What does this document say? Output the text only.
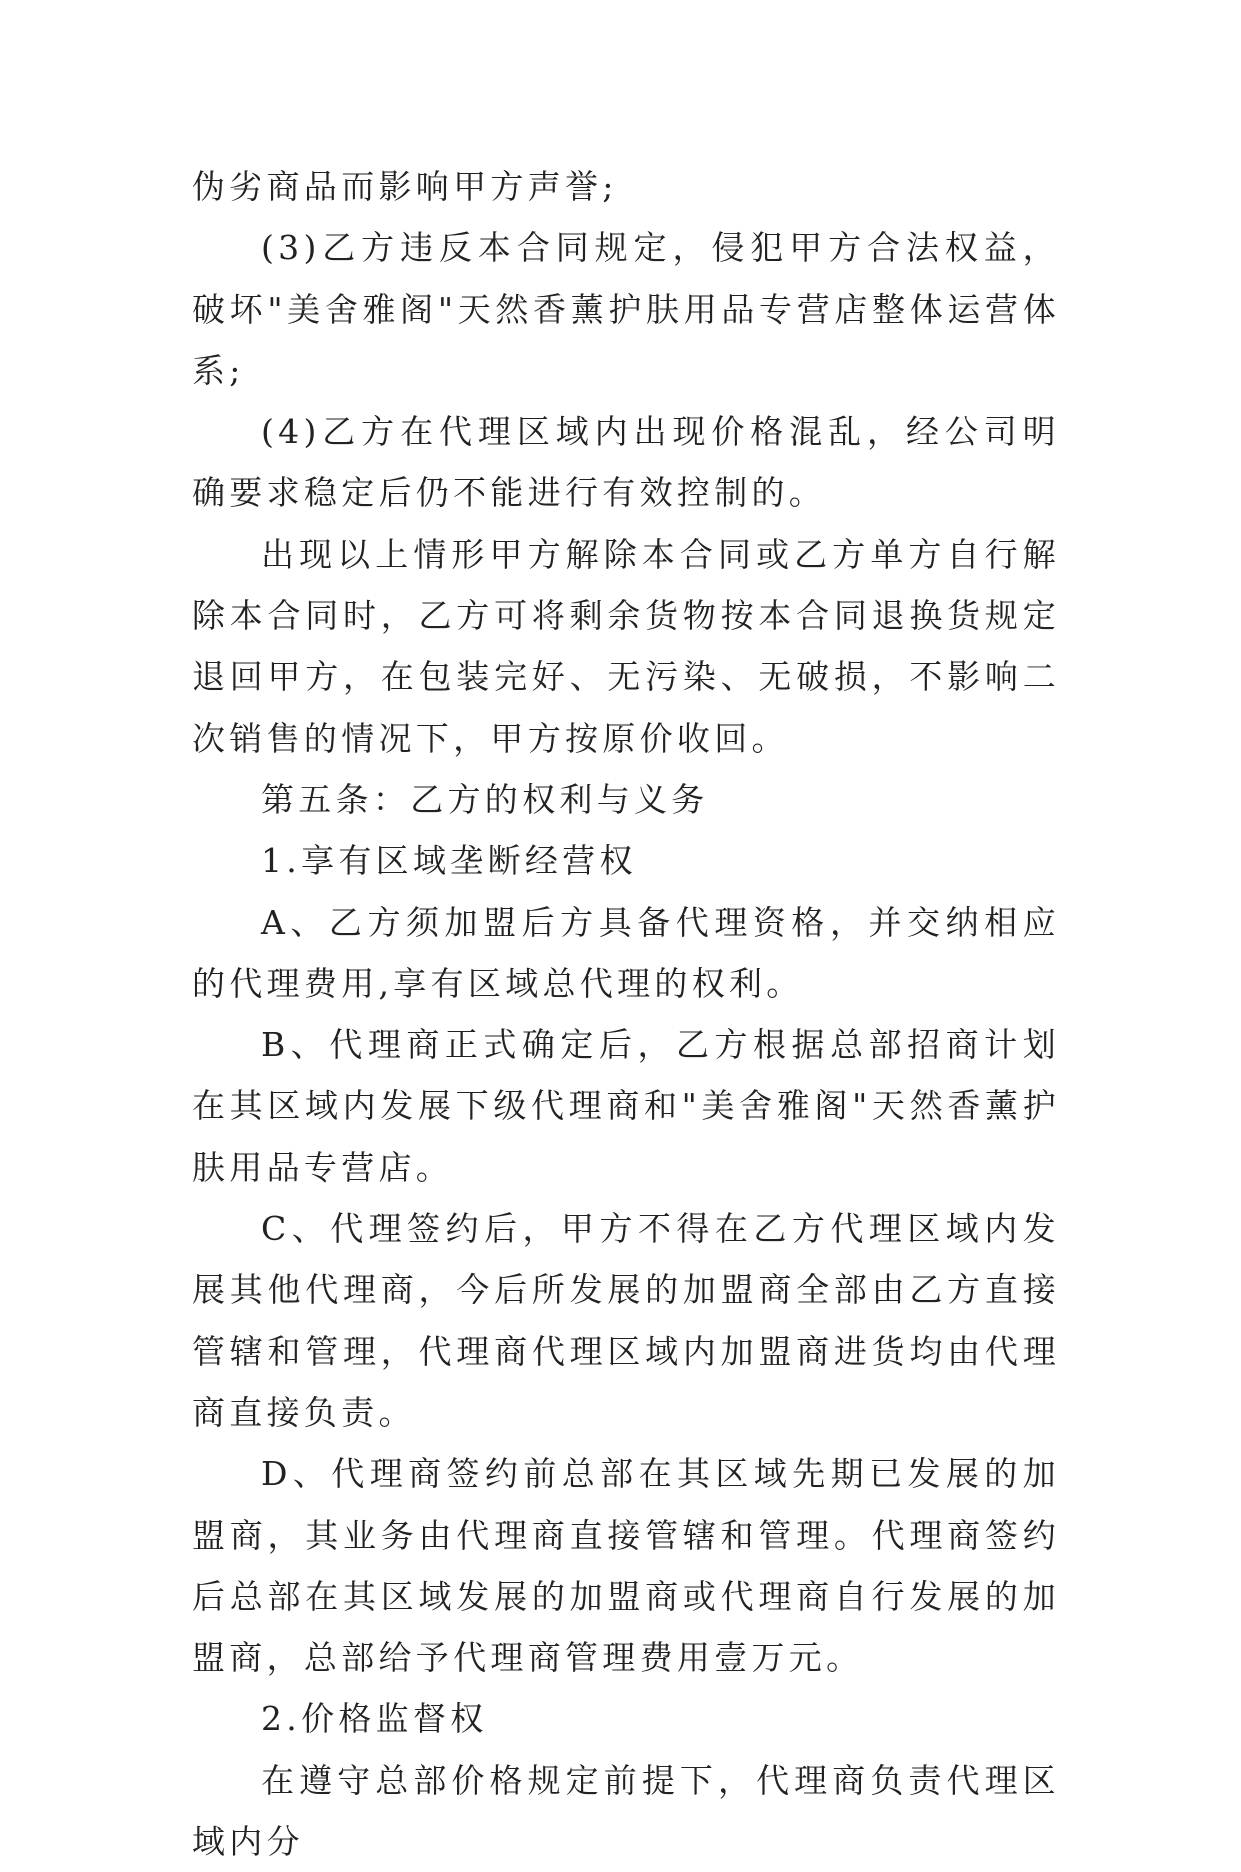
伪劣商品而影响甲方声誉;

(3)乙方违反本合同规定，侵犯甲方合法权益，破坏"美舍雅阁"天然香薰护肤用品专营店整体运营体系;

(4)乙方在代理区域内出现价格混乱，经公司明确要求稳定后仍不能进行有效控制的。

出现以上情形甲方解除本合同或乙方单方自行解除本合同时，乙方可将剩余货物按本合同退换货规定退回甲方，在包装完好、无污染、无破损，不影响二次销售的情况下，甲方按原价收回。

第五条：乙方的权利与义务

1.享有区域垄断经营权

A、乙方须加盟后方具备代理资格，并交纳相应的代理费用,享有区域总代理的权利。

B、代理商正式确定后，乙方根据总部招商计划在其区域内发展下级代理商和"美舍雅阁"天然香薰护肤用品专营店。

C、代理签约后，甲方不得在乙方代理区域内发展其他代理商，今后所发展的加盟商全部由乙方直接管辖和管理，代理商代理区域内加盟商进货均由代理商直接负责。

D、代理商签约前总部在其区域先期已发展的加盟商，其业务由代理商直接管辖和管理。代理商签约后总部在其区域发展的加盟商或代理商自行发展的加盟商，总部给予代理商管理费用壹万元。

2.价格监督权

在遵守总部价格规定前提下，代理商负责代理区域内分
